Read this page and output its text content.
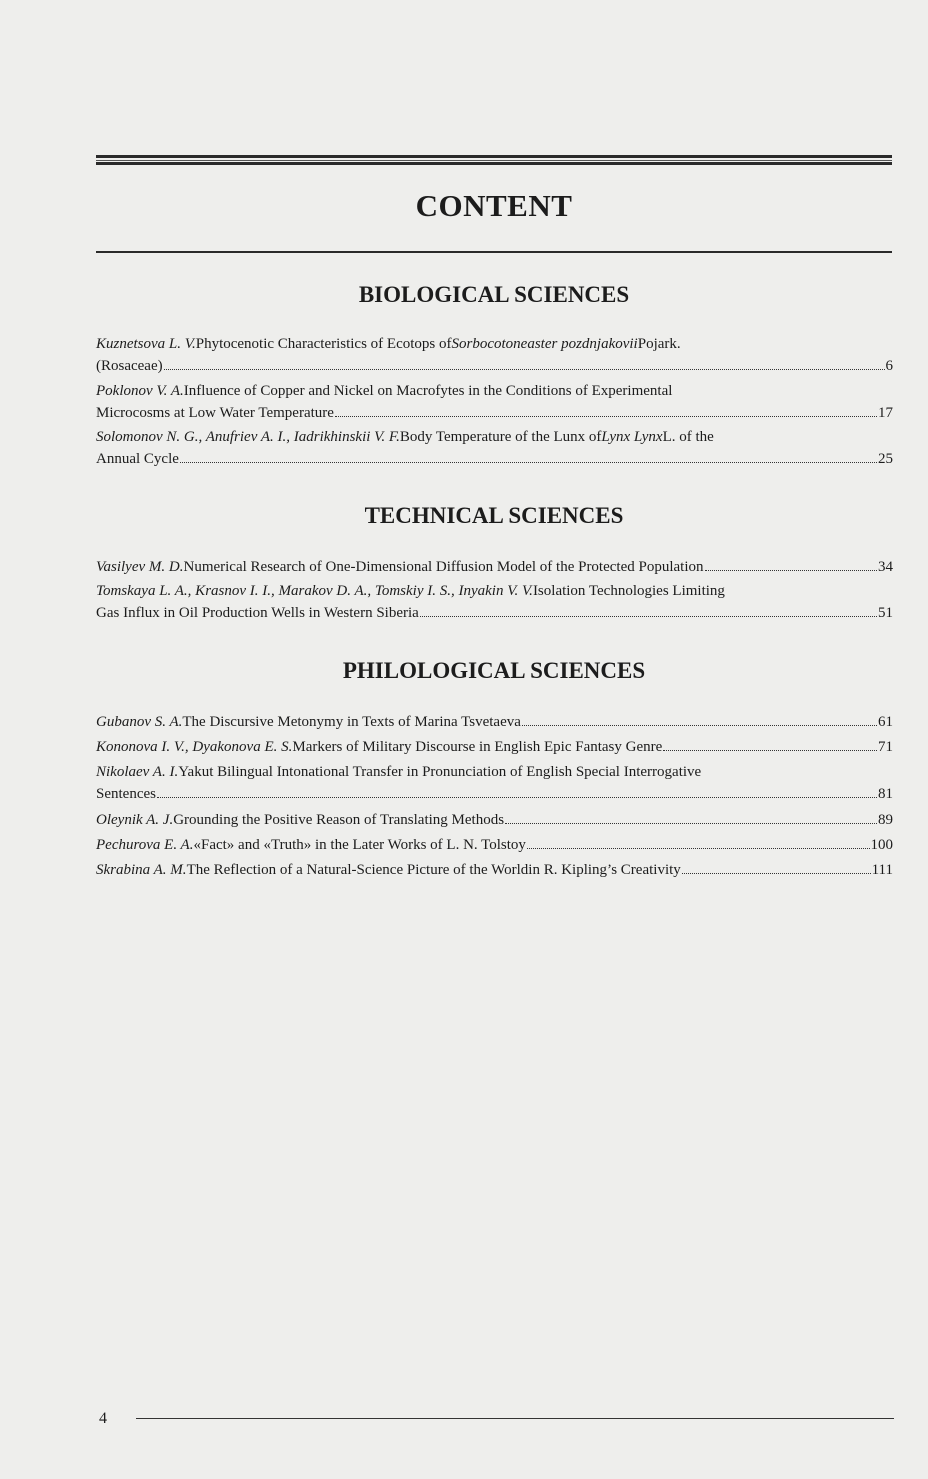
CONTENT
BIOLOGICAL SCIENCES
Kuznetsova L. V. Phytocenotic Characteristics of Ecotops of Sorbocotoneaster pozdnjakovii Pojark.
(Rosaceae)	6
Poklonov V. A. Influence of Copper and Nickel on Macrofytes in the Conditions of Experimental
Microcosms at Low Water Temperature	17
Solomonov N. G., Anufriev A. I., Iadrikhinskii V. F. Body Temperature of the Lunx of Lynx Lynx L. of the
Annual Cycle	25
TECHNICAL SCIENCES
Vasilyev M. D. Numerical Research of One-Dimensional Diffusion Model of the Protected Population	34
Tomskaya L. A., Krasnov I. I., Marakov D. A., Tomskiy I. S., Inyakin V. V. Isolation Technologies Limiting
Gas Influx in Oil Production Wells in Western Siberia	51
PHILOLOGICAL SCIENCES
Gubanov S. A. The Discursive Metonymy in Texts of Marina Tsvetaeva	61
Kononova I. V., Dyakonova E. S. Markers of Military Discourse in English Epic Fantasy Genre	71
Nikolaev A. I. Yakut Bilingual Intonational Transfer in Pronunciation of English Special Interrogative
Sentences	81
Oleynik A. J. Grounding the Positive Reason of Translating Methods	89
Pechurova E. A. «Fact» and «Truth» in the Later Works of L. N. Tolstoy	100
Skrabina A. M. The Reflection of a Natural-Science Picture of the Worldin R. Kipling’s Creativity	111
4
